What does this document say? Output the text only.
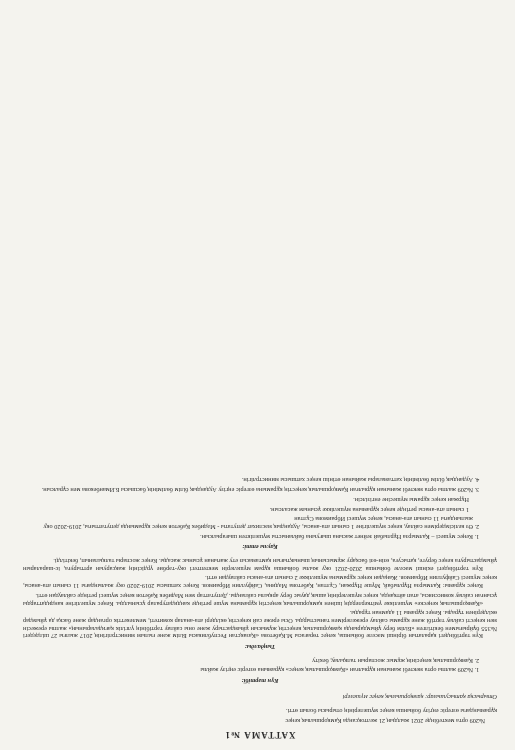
ХАТТАМА №1
№209 орта мектебінде 2021 жылдың 21 желтоқсанда Қамқоршылық кеңес
құрамындағы өзгеріс еңгізу бойынша кеңес мүшелерінің отырысы болып өтті.
Отырысқа қатысушылар: қамқоршылық кеңес мүшелері
Күн тәртібі:
1. №209 жалпы орта мектебі жанынан құрылған «Қамқоршылық кеңес» құрамына өзгеріс еңгізу жайлы
2. Қамқоршылық кеңесінің жұмыс жоспарын талқылау, бекіту
Тыңдалды:

Күн тәртібіндегі қаралатын бірінші мәселе бойынша, кеңес төрағасы М.Қабетова «Қазақстан Республикасы Білім және ғылым министрлігінің 2017 жылғы 27 шілдедегі №355 бұйрығымен бекітілген «Білім беру ұйымдарында қамқоршылық кеңестің жұмысын ұйымдастыру және оны сайлау тәртібінің үлгілік қағидаларының» жалпы ережесін мен кеңесті сайлау тәртібі және құрамы сайлау ережелерімен таныстырды. Осы ереже сай кеңестің өкілдері ата-аналар комитеті, мемлекеттік органдар және басқа да ұйымдар өкілдерінен тұрады. Кеңес құрамы 11 адамнан тұрады.

«Қамқоршылық кеңеске» мүшелікке үміткерлердің ішінен қамқоршылық кеңестің құрамына мүше ретінде кандидатуралар ұсынылды. Кеңес мүшелігіне кандидаттарды ұсынған сайлау комиссиясы, атап айтқанда, кеңес мүшелерінің ашық дауыс беру арқылы сайланды. Депутаттар мен Мәдибек Қабетов кеңес мүшесі ретінде сайлаудан өтті.

Кеңес құрамы: Қалмырза Нұрлыбай, Мүше Нұржан, Сұлтан, Қабетова Мәдина, Сайфуллин Ибраимов. Кеңес хатшысы 2019-2020 оқу жылындағы 11 сынып ата-анасы, кеңес мүшесі Сайфуллин Ибраимов. Жаңадан кеңес құрамына мүшелікке 2 сынып ата-анасы сайлаудан өтті.

Күн тәртібіндегі екінші мәселе бойынша 2020-2021 оқу жылы бойынша құрам мүшелерін мектептегі оқу-тәрбие үрдісінің жақсаруын арттыруға, іс-шараларын ұйымдастыруға кеңес беруге, қатысуға, өзін-өзі басқару жұмысының шынықтығын қамтамасыз ету жағынан ұсыныс жасады. Кеңес жоспары талқыланып, бекітілді.

Қаулы етті:
1. Кеңес мүшесі – Қалмырза Нұрлыбай зейнет жасына шығуына байланысты мүшеліктен шығарылсын.
2. Өз келісімдерімен сайлау, кеңес мүшелігіне 1 сынып ата-анасы, Аудандық мәслихат депутаты - Мәдибек Қабетов кеңес құрамында депутаттығы, 2019-2020 оқу жылындағы 11 сынып ата-анасы, кеңес мүшесі Ибраимова Сұлтан
1 сынып ата-анасы ретінде кеңес құрамына мүшелікке ұсыным жасалсын.
Нұржан кеңес құрамы мүшесіне енгізілсін.
3. №209 жалпы орта мектебі жанынан құрылған Қамқоршылық кеңестің құрамына өзгеріс еңгізу Аудандық білім бөлімінің басшысы Б.Иманбекова мен сұралсын.
4. Аудандық білім бөлімінің хаттамалары жайынан өтініш кеңес хатшысы министрлігін.
